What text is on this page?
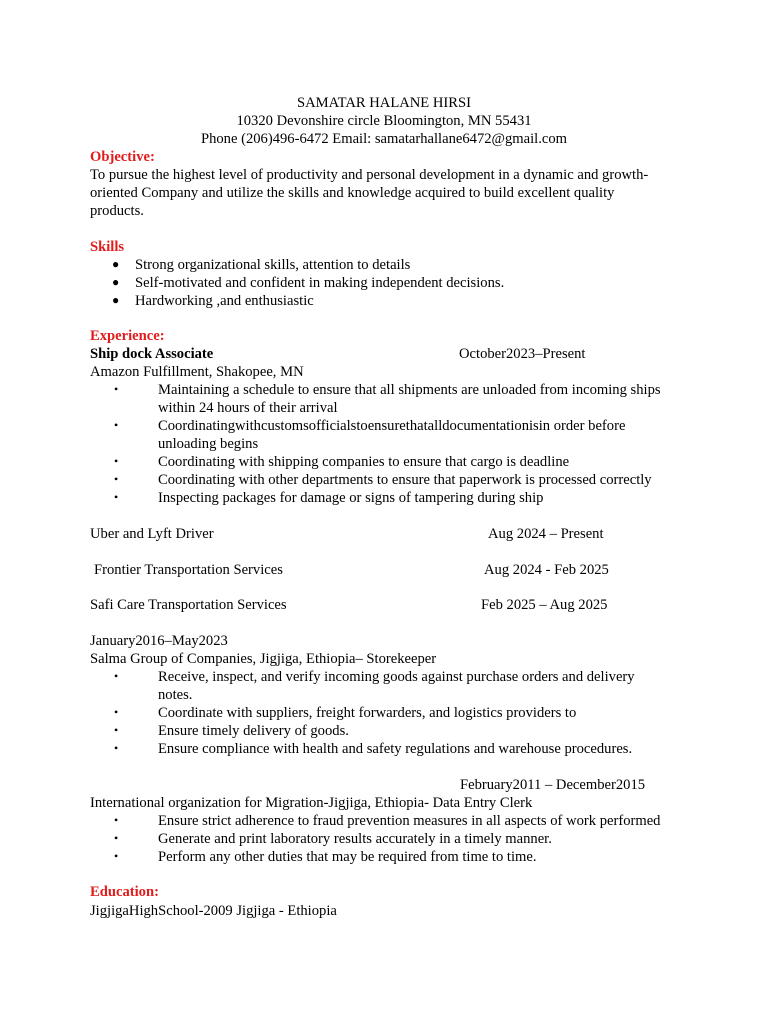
SAMATAR HALANE HIRSI
10320 Devonshire circle Bloomington, MN 55431
Phone (206)496-6472 Email: samatarhallane6472@gmail.com
Objective:
To pursue the highest level of productivity and personal development in a dynamic and growth-
oriented Company and utilize the skills and knowledge acquired to build excellent quality
products.
Skills
● Strong organizational skills, attention to details
● Self-motivated and confident in making independent decisions.
● Hardworking ,and enthusiastic
Experience:
Ship dock Associate	October2023–Present
Amazon Fulfillment, Shakopee, MN
•	Maintaining a schedule to ensure that all shipments are unloaded from incoming ships
within 24 hours of their arrival
•	Coordinatingwithcustomsofficialstoensurethatalldocumentationisin order before
unloading begins
•	Coordinating with shipping companies to ensure that cargo is deadline
•	Coordinating with other departments to ensure that paperwork is processed correctly
•	Inspecting packages for damage or signs of tampering during ship
Uber and Lyft Driver	Aug 2024 – Present
Frontier Transportation Services	Aug 2024 - Feb 2025
Safi Care Transportation Services	Feb 2025 – Aug 2025
January2016–May2023
Salma Group of Companies, Jigjiga, Ethiopia– Storekeeper
•	Receive, inspect, and verify incoming goods against purchase orders and delivery
notes.
•	Coordinate with suppliers, freight forwarders, and logistics providers to
•	Ensure timely delivery of goods.
•	Ensure compliance with health and safety regulations and warehouse procedures.
February2011 – December2015
International organization for Migration-Jigjiga, Ethiopia- Data Entry Clerk
•	Ensure strict adherence to fraud prevention measures in all aspects of work performed
•	Generate and print laboratory results accurately in a timely manner.
•	Perform any other duties that may be required from time to time.
Education:
JigjigaHighSchool-2009 Jigjiga - Ethiopia
